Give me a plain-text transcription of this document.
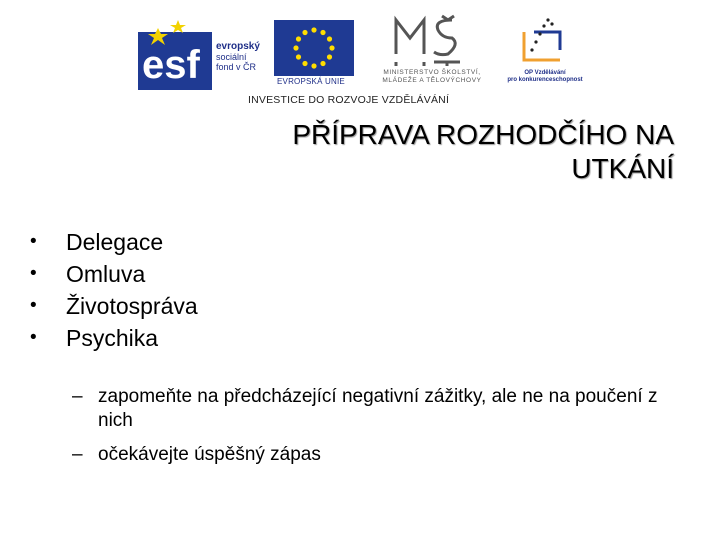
esf evropský
sociální
fond v ČR
EVROPSKÁ UNIE
MINISTERSTVO ŠKOLSTVÍ,
MLÁDEŽE A TĚLOVÝCHOVY
OP Vzdělávání
pro konkurenceschopnost
INVESTICE DO ROZVOJE VZDĚLÁVÁNÍ
PŘÍPRAVA ROZHODČÍHO NA
UTKÁNÍ
• Delegace
• Omluva
• Životospráva
• Psychika
– zapomeňte na předcházející negativní zážitky, ale ne na poučení z nich
– očekávejte úspěšný zápas
